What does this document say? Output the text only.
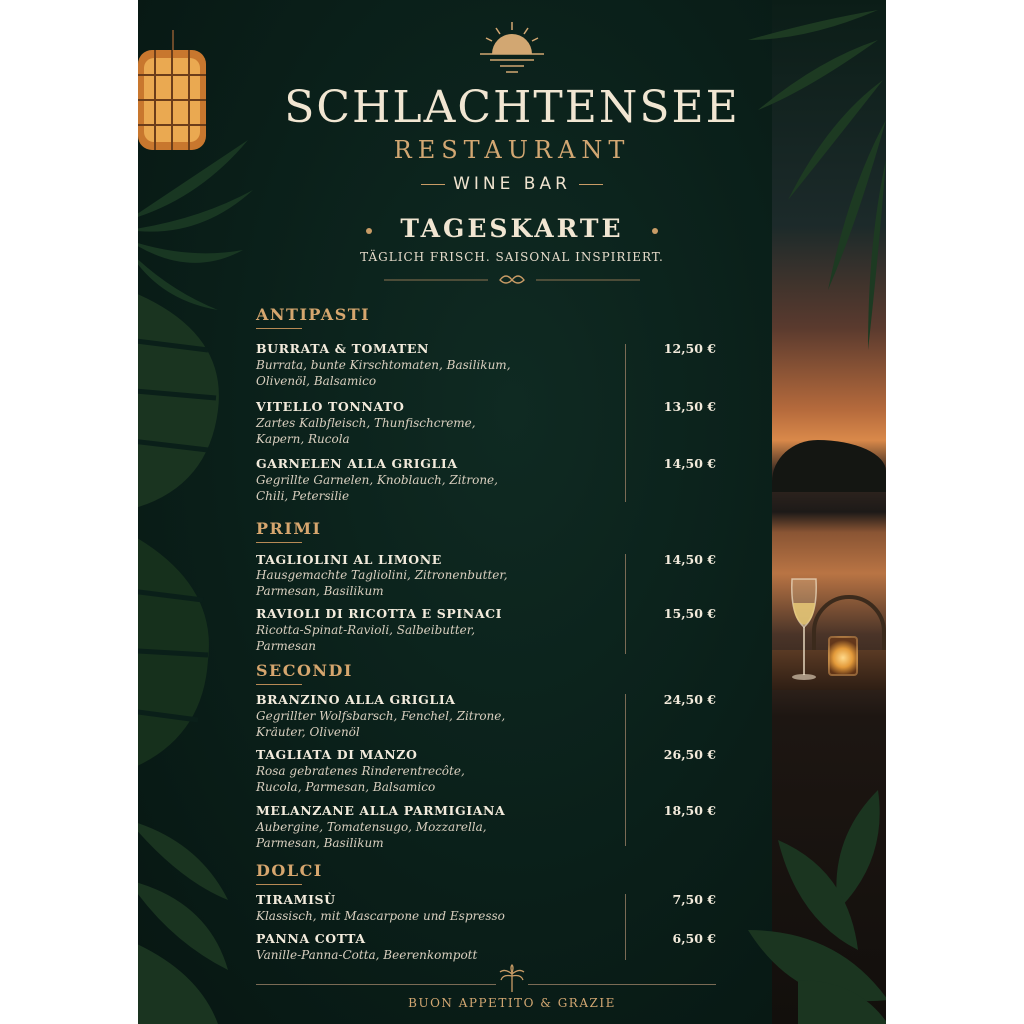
SCHLACHTENSEE
RESTAURANT
WINE BAR
TAGESKARTE
TÄGLICH FRISCH. SAISONAL INSPIRIERT.
ANTIPASTI
BURRATA & TOMATEN
Burrata, bunte Kirschtomaten, Basilikum,
Olivenöl, Balsamico
12,50 €
VITELLO TONNATO
Zartes Kalbfleisch, Thunfischcreme,
Kapern, Rucola
13,50 €
GARNELEN ALLA GRIGLIA
Gegrillte Garnelen, Knoblauch, Zitrone,
Chili, Petersilie
14,50 €
PRIMI
TAGLIOLINI AL LIMONE
Hausgemachte Tagliolini, Zitronenbutter,
Parmesan, Basilikum
14,50 €
RAVIOLI DI RICOTTA E SPINACI
Ricotta-Spinat-Ravioli, Salbeibutter,
Parmesan
15,50 €
SECONDI
BRANZINO ALLA GRIGLIA
Gegrillter Wolfsbarsch, Fenchel, Zitrone,
Kräuter, Olivenöl
24,50 €
TAGLIATA DI MANZO
Rosa gebratenes Rinderentrecôte,
Rucola, Parmesan, Balsamico
26,50 €
MELANZANE ALLA PARMIGIANA
Aubergine, Tomatensugo, Mozzarella,
Parmesan, Basilikum
18,50 €
DOLCI
TIRAMISÙ
Klassisch, mit Mascarpone und Espresso
7,50 €
PANNA COTTA
Vanille-Panna-Cotta, Beerenkompott
6,50 €
BUON APPETITO & GRAZIE
